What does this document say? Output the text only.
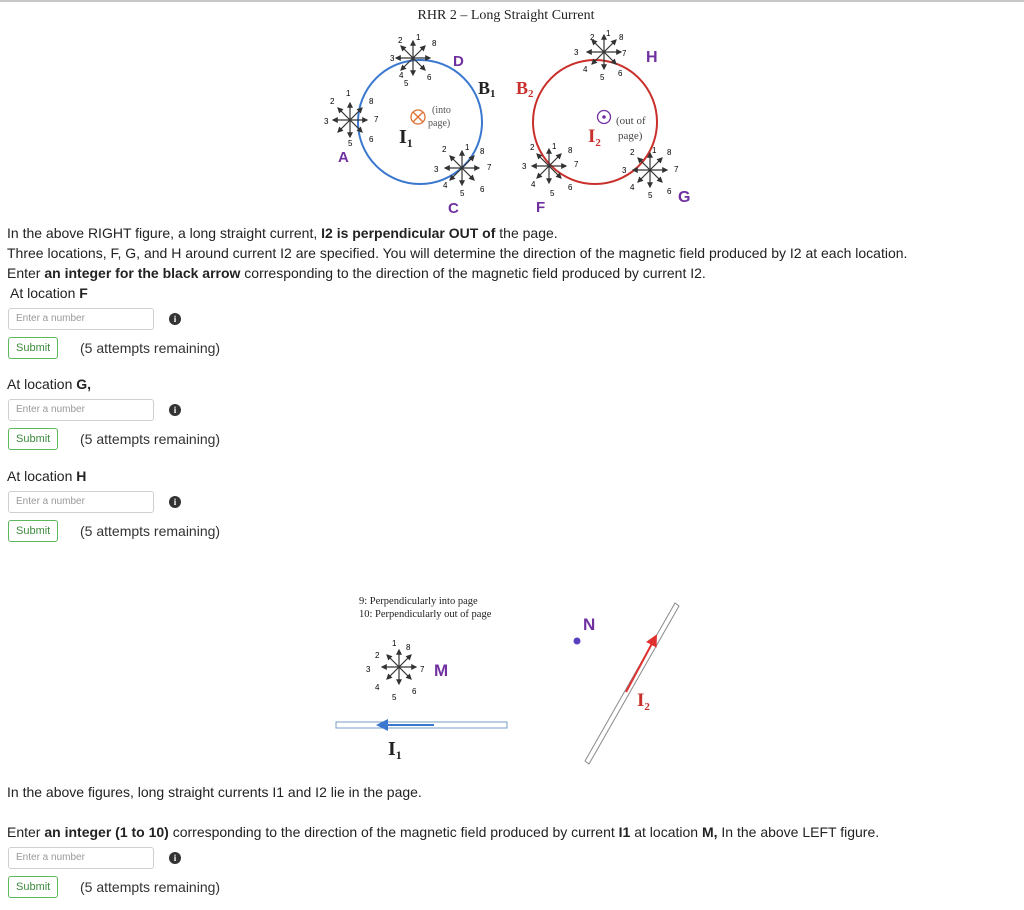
RHR 2 – Long Straight Current
1
2
3
4
5
6
8
D
1
2
3
5 6
7
8
A
(into
page)
$I_1$	1
2
3
4
5 6
7
8
C
B1 B2
1
2
3
4
5 6
7
8
H
(out of
page)
$I_2$
1
2
3
4
5
6
7
8
F
1
2
3
4
5 6
7
8
G
In the above RIGHT figure, a long straight current, I2 is perpendicular OUT of the page.
Three locations, F, G, and H around current I2 are specified. You will determine the direction of the magnetic field produced by I2 at each location.
Enter an integer for the black arrow corresponding to the direction of the magnetic field produced by current I2.
At location F
Enter a number	i
Submit	(5 attempts remaining)
At location G,
Enter a number	i
Submit	(5 attempts remaining)
At location H
Enter a number	i
Submit	(5 attempts remaining)
9: Perpendicularly into page
10: Perpendicularly out of page
1
2
3
4
5
6
7
8
M
$I_1$
N
$I_2$
In the above figures, long straight currents I1 and I2 lie in the page.
Enter an integer (1 to 10) corresponding to the direction of the magnetic field produced by current I1 at location M, In the above LEFT figure.
Enter a number	i
Submit	(5 attempts remaining)
